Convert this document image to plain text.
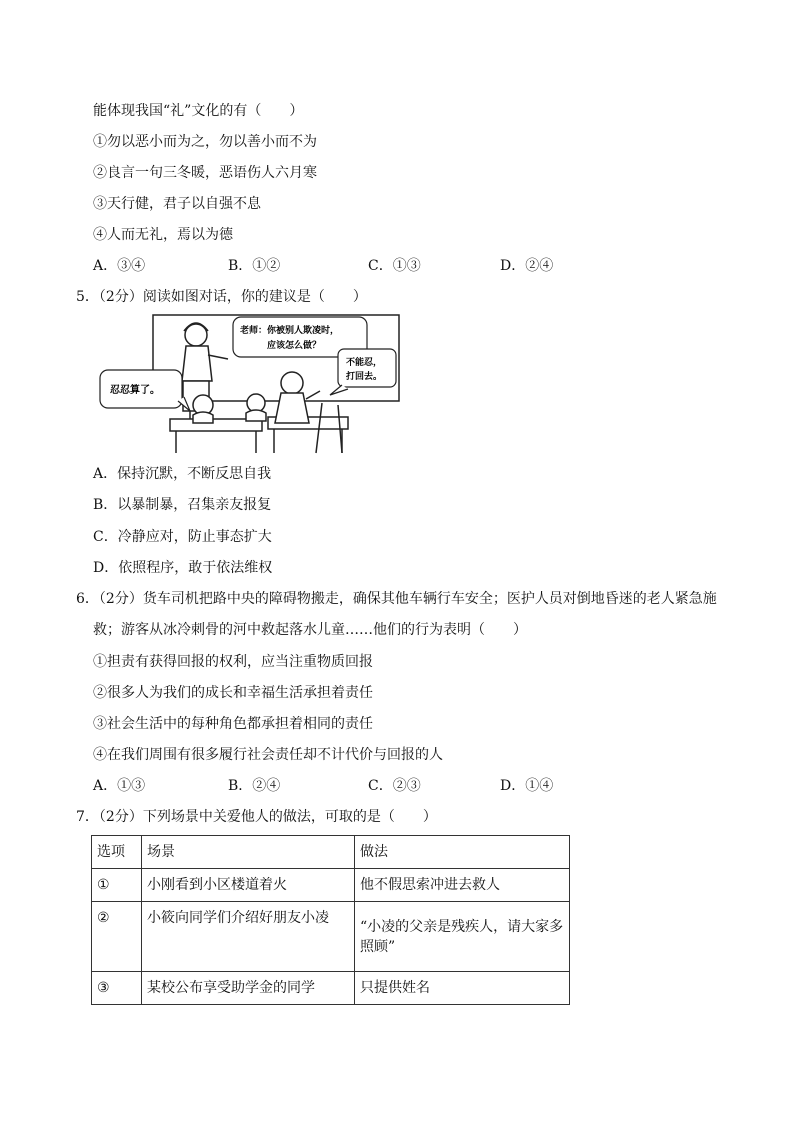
能体现我国“礼”文化的有（　　）
①勿以恶小而为之，勿以善小而不为
②良言一句三冬暖，恶语伤人六月寒
③天行健，君子以自强不息
④人而无礼，焉以为德
A．③④	B．①②	C．①③	D．②④
5．（2分）阅读如图对话，你的建议是（　　）
老师：你被别人欺凌时，
应该怎么做？
不能忍，
打回去。
忍忍算了。
A．保持沉默，不断反思自我
B．以暴制暴，召集亲友报复
C．冷静应对，防止事态扩大
D．依照程序，敢于依法维权
6．（2分）货车司机把路中央的障碍物搬走，确保其他车辆行车安全；医护人员对倒地昏迷的老人紧急施
救；游客从冰冷刺骨的河中救起落水儿童……他们的行为表明（　　）
①担责有获得回报的权利，应当注重物质回报
②很多人为我们的成长和幸福生活承担着责任
③社会生活中的每种角色都承担着相同的责任
④在我们周围有很多履行社会责任却不计代价与回报的人
A．①③	B．②④	C．②③	D．①④
7．（2分）下列场景中关爱他人的做法，可取的是（　　）
选项	场景	做法
①	小刚看到小区楼道着火	他不假思索冲进去救人
②	小筱向同学们介绍好朋友小凌	“小凌的父亲是残疾人，请大家多照顾”
③	某校公布享受助学金的同学	只提供姓名
